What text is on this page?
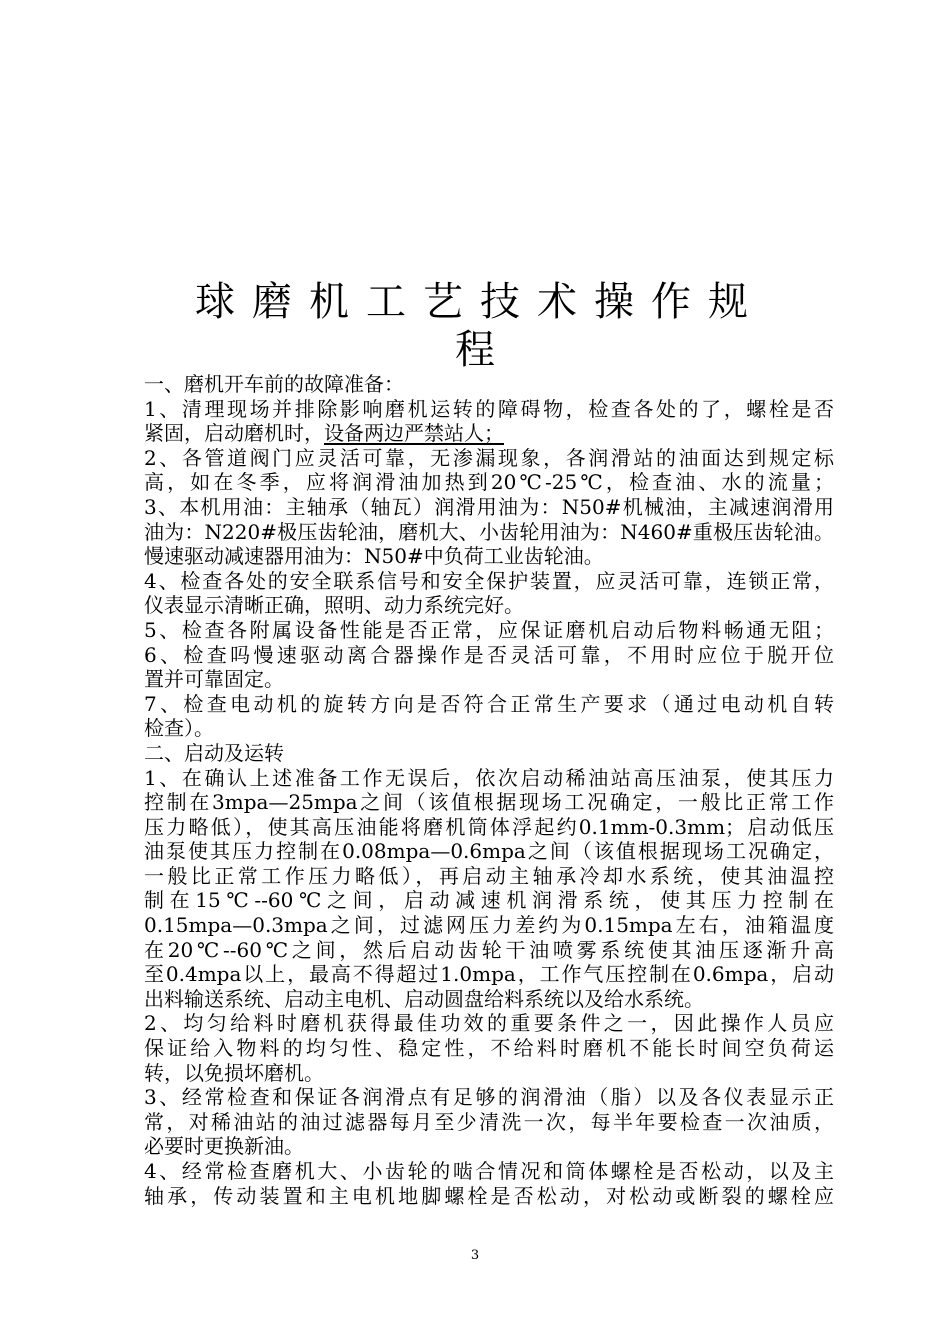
球磨机工艺技术操作规
程
一、磨机开车前的故障准备：
1、清理现场并排除影响磨机运转的障碍物，检查各处的了，螺栓是否
紧固，启动磨机时，设备两边严禁站人；
2、各管道阀门应灵活可靠，无渗漏现象，各润滑站的油面达到规定标
高，如在冬季，应将润滑油加热到20℃-25℃，检查油、水的流量；
3、本机用油：主轴承（轴瓦）润滑用油为：N50#机械油，主减速润滑用
油为：N220#极压齿轮油，磨机大、小齿轮用油为：N460#重极压齿轮油。
慢速驱动减速器用油为：N50#中负荷工业齿轮油。
4、检查各处的安全联系信号和安全保护装置，应灵活可靠，连锁正常，
仪表显示清晰正确，照明、动力系统完好。
5、检查各附属设备性能是否正常，应保证磨机启动后物料畅通无阻；
6、检查吗慢速驱动离合器操作是否灵活可靠，不用时应位于脱开位
置并可靠固定。
7、检查电动机的旋转方向是否符合正常生产要求（通过电动机自转
检查）。
二、启动及运转
1、在确认上述准备工作无误后，依次启动稀油站高压油泵，使其压力
控制在3mpa—25mpa之间（该值根据现场工况确定，一般比正常工作
压力略低），使其高压油能将磨机筒体浮起约0.1mm-0.3mm；启动低压
油泵使其压力控制在0.08mpa—0.6mpa之间（该值根据现场工况确定，
一般比正常工作压力略低），再启动主轴承冷却水系统，使其油温控
制在15℃--60℃之间，启动减速机润滑系统，使其压力控制在
0.15mpa—0.3mpa之间，过滤网压力差约为0.15mpa左右，油箱温度
在20℃--60℃之间，然后启动齿轮干油喷雾系统使其油压逐渐升高
至0.4mpa以上，最高不得超过1.0mpa，工作气压控制在0.6mpa，启动
出料输送系统、启动主电机、启动圆盘给料系统以及给水系统。
2、均匀给料时磨机获得最佳功效的重要条件之一，因此操作人员应
保证给入物料的均匀性、稳定性，不给料时磨机不能长时间空负荷运
转，以免损坏磨机。
3、经常检查和保证各润滑点有足够的润滑油（脂）以及各仪表显示正
常，对稀油站的油过滤器每月至少清洗一次，每半年要检查一次油质，
必要时更换新油。
4、经常检查磨机大、小齿轮的啮合情况和筒体螺栓是否松动，以及主
轴承，传动装置和主电机地脚螺栓是否松动，对松动或断裂的螺栓应
3
